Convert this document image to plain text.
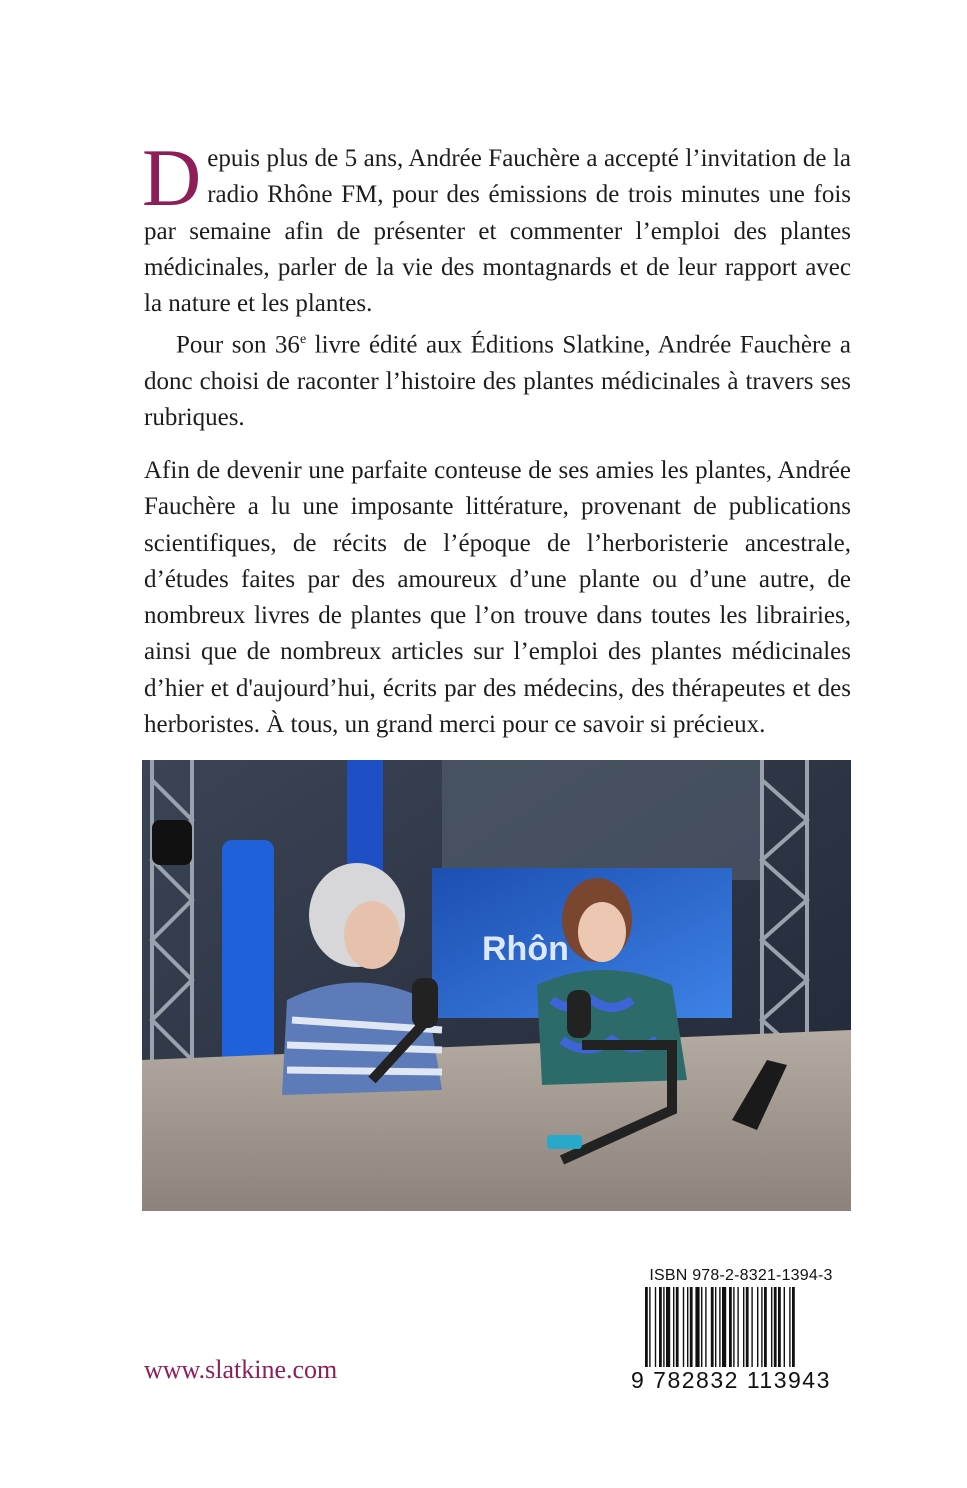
Depuis plus de 5 ans, Andrée Fauchère a accepté l’invitation de la radio Rhône FM, pour des émissions de trois minutes une fois par semaine afin de présenter et commenter l’emploi des plantes médicinales, parler de la vie des montagnards et de leur rapport avec la nature et les plantes.

Pour son 36e livre édité aux Éditions Slatkine, Andrée Fauchère a donc choisi de raconter l’histoire des plantes médicinales à travers ses rubriques.

Afin de devenir une parfaite conteuse de ses amies les plantes, Andrée Fauchère a lu une imposante littérature, provenant de publications scientifiques, de récits de l’époque de l’herboristerie ancestrale, d’études faites par des amoureux d’une plante ou d’une autre, de nombreux livres de plantes que l’on trouve dans toutes les librairies, ainsi que de nombreux articles sur l’emploi des plantes médicinales d’hier et d'aujourd’hui, écrits par des médecins, des thérapeutes et des herboristes. À tous, un grand merci pour ce savoir si précieux.

Rhôn
ISBN 978-2-8321-1394-3
9 782832 113943
www.slatkine.com
